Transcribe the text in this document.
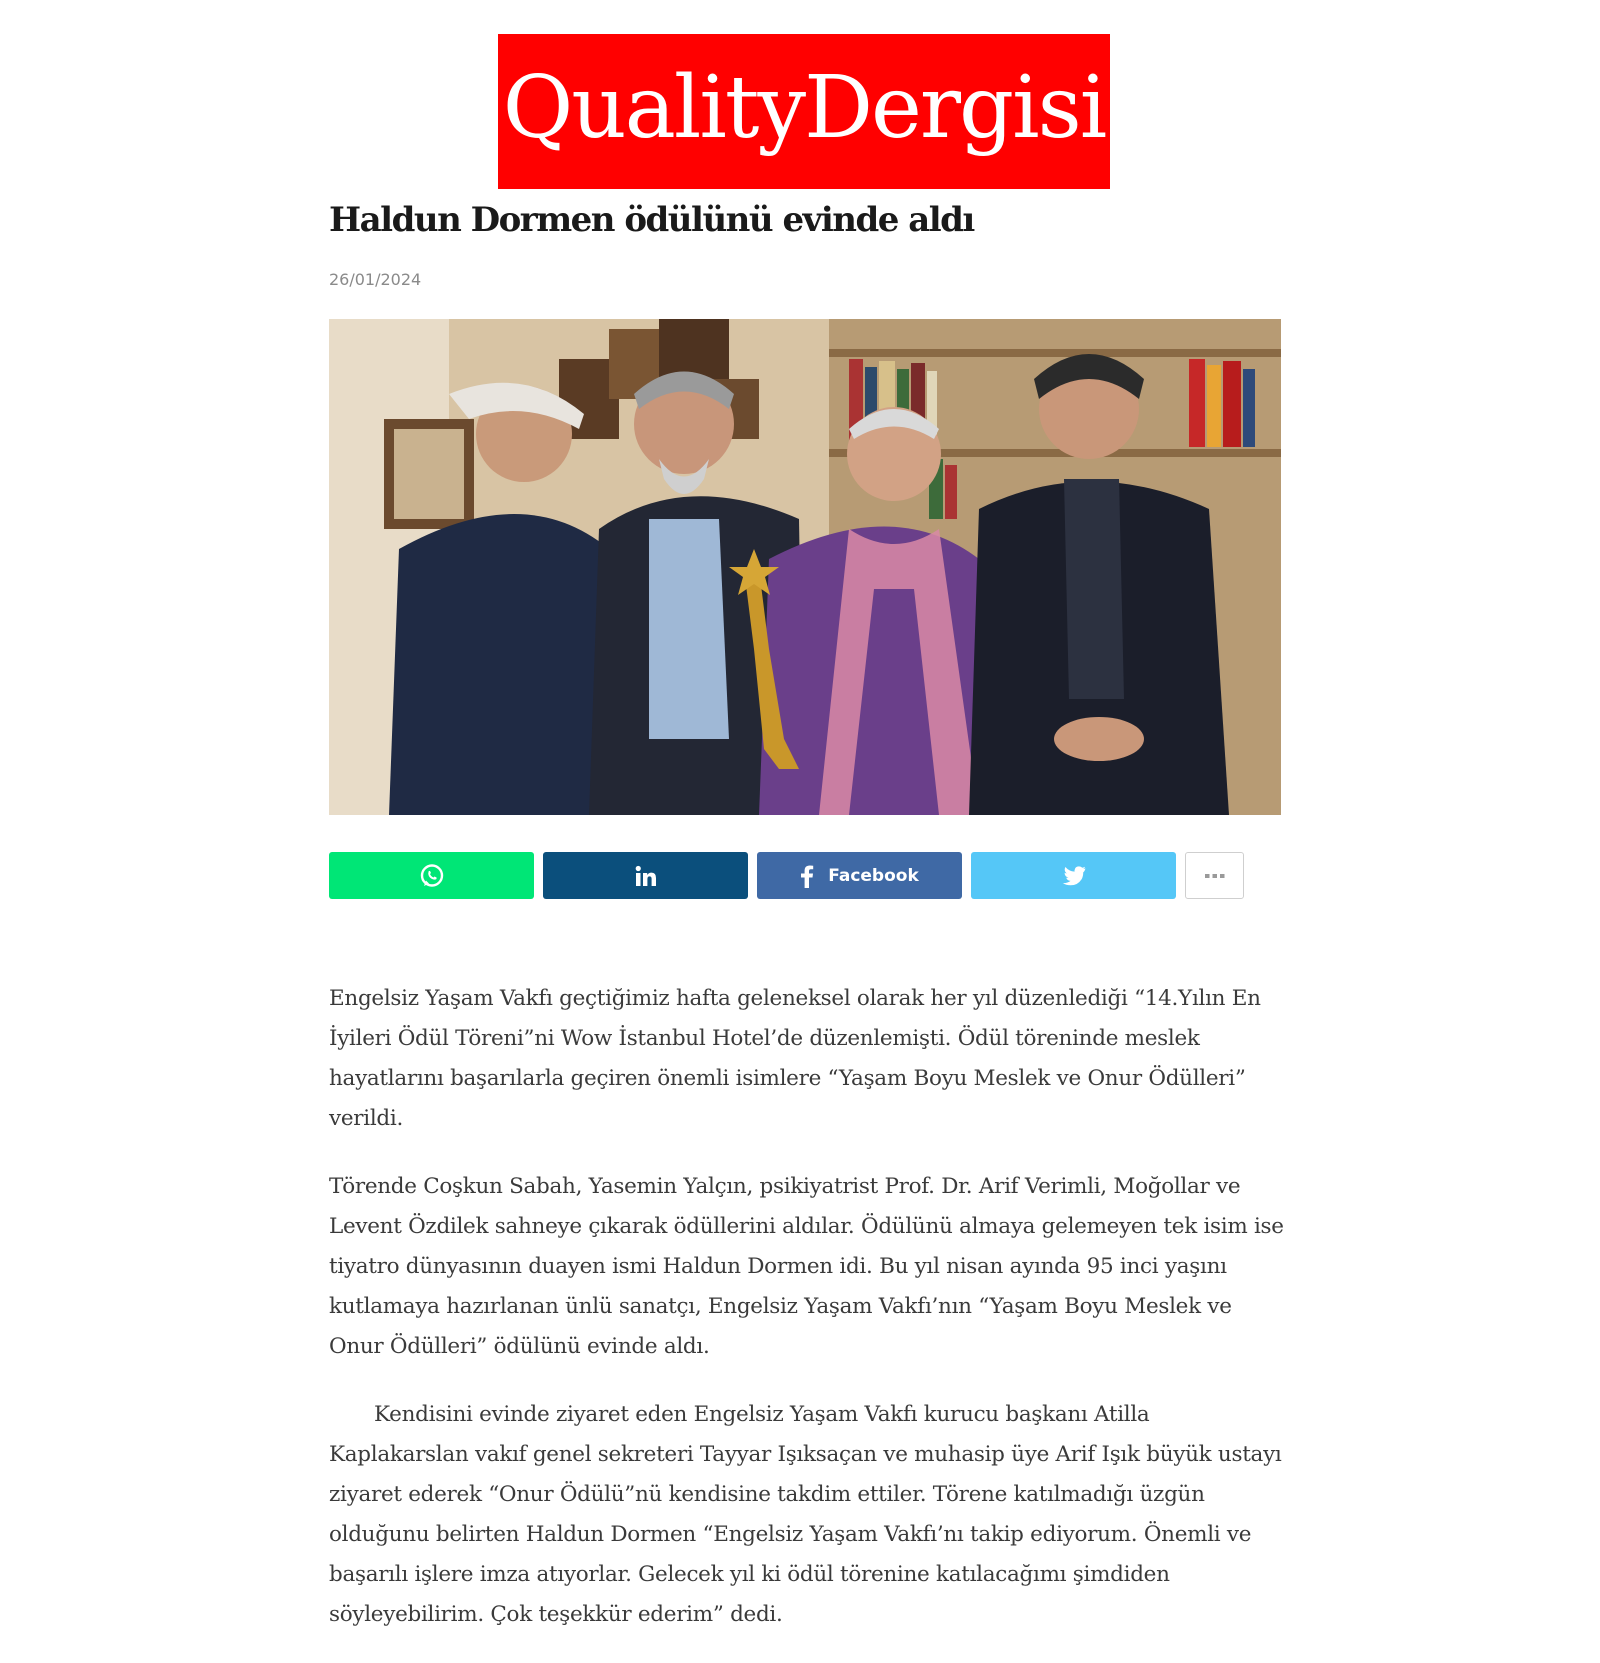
QualityDergisi
Haldun Dormen ödülünü evinde aldı
26/01/2024
Facebook

Engelsiz Yaşam Vakfı geçtiğimiz hafta geleneksel olarak her yıl düzenlediği “14.Yılın En İyileri Ödül Töreni”ni Wow İstanbul Hotel’de düzenlemişti. Ödül töreninde meslek hayatlarını başarılarla geçiren önemli isimlere “Yaşam Boyu Meslek ve Onur Ödülleri” verildi.

Törende Coşkun Sabah, Yasemin Yalçın, psikiyatrist Prof. Dr. Arif Verimli, Moğollar ve Levent Özdilek sahneye çıkarak ödüllerini aldılar. Ödülünü almaya gelemeyen tek isim ise tiyatro dünyasının duayen ismi Haldun Dormen idi. Bu yıl nisan ayında 95 inci yaşını kutlamaya hazırlanan ünlü sanatçı, Engelsiz Yaşam Vakfı’nın “Yaşam Boyu Meslek ve Onur Ödülleri” ödülünü evinde aldı.

Kendisini evinde ziyaret eden Engelsiz Yaşam Vakfı kurucu başkanı Atilla Kaplakarslan vakıf genel sekreteri Tayyar Işıksaçan ve muhasip üye Arif Işık büyük ustayı ziyaret ederek “Onur Ödülü”nü kendisine takdim ettiler. Törene katılmadığı üzgün olduğunu belirten Haldun Dormen “Engelsiz Yaşam Vakfı’nı takip ediyorum. Önemli ve başarılı işlere imza atıyorlar. Gelecek yıl ki ödül törenine katılacağımı şimdiden söyleyebilirim. Çok teşekkür ederim” dedi.
